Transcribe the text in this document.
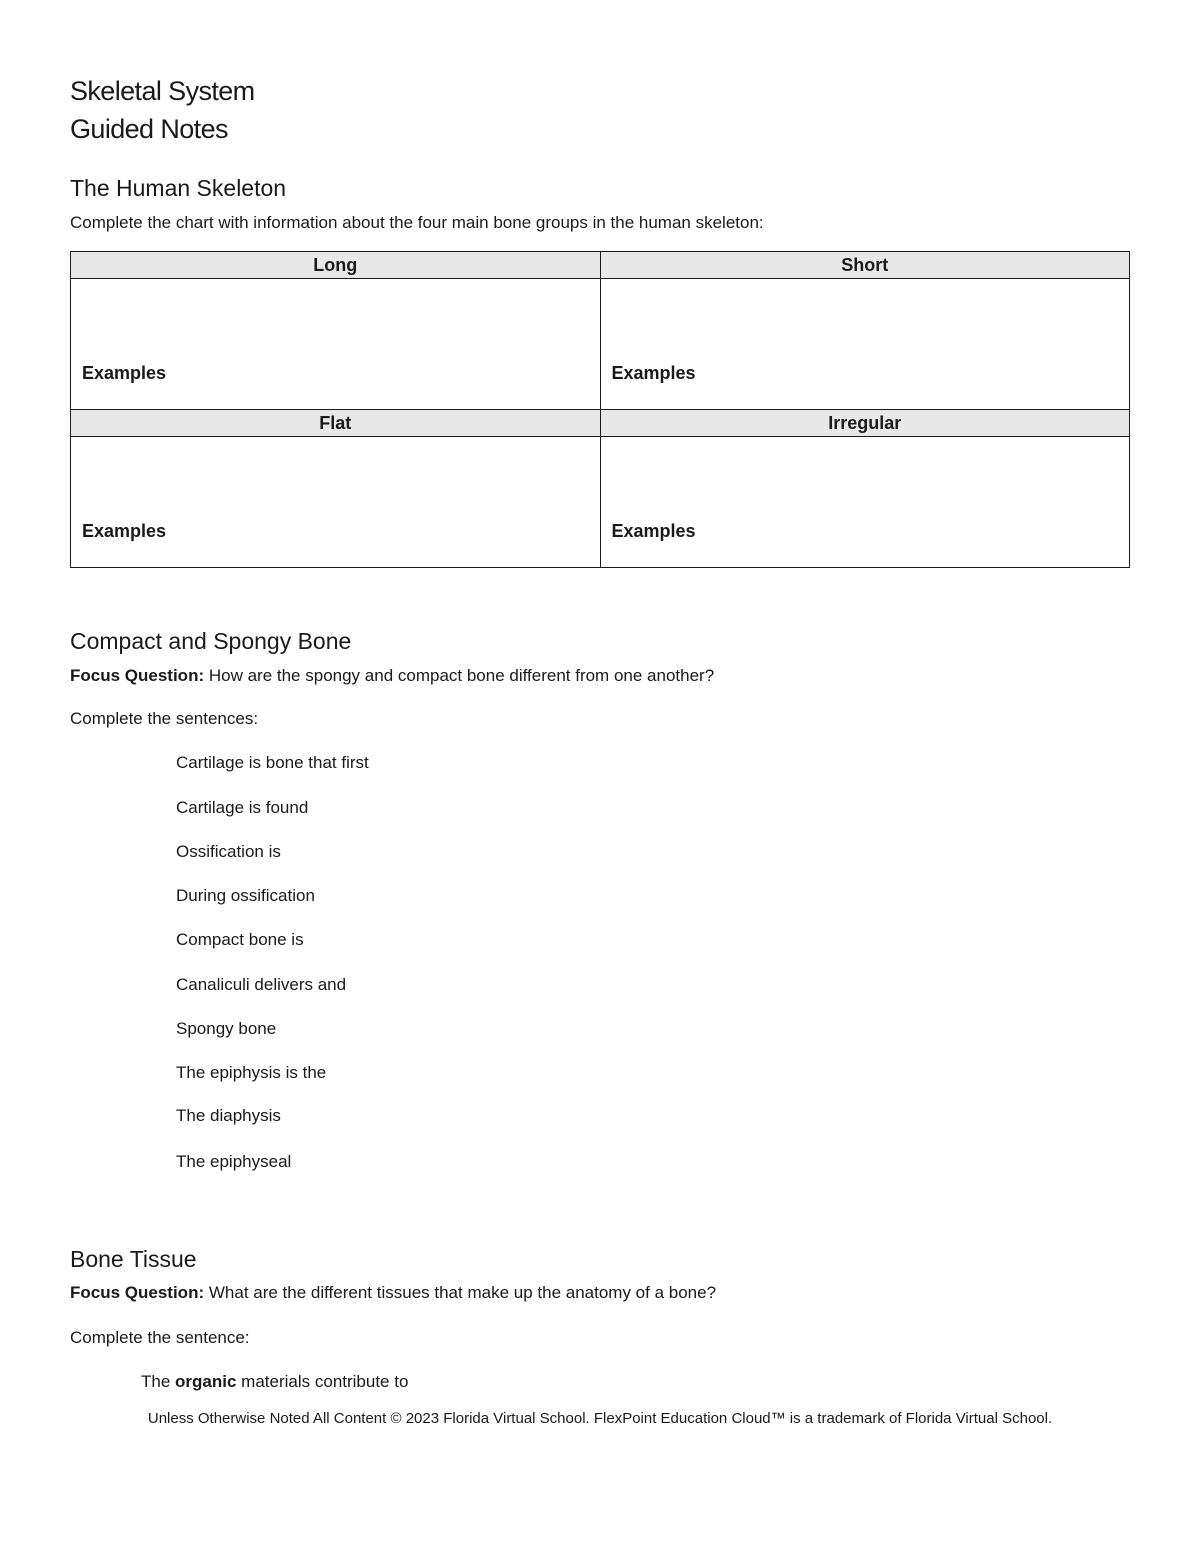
Skeletal System
Guided Notes
The Human Skeleton
Complete the chart with information about the four main bone groups in the human skeleton:
Long	Short

Examples	Examples

Flat	Irregular

Examples	Examples
Compact and Spongy Bone
Focus Question: How are the spongy and compact bone different from one another?
Complete the sentences:
Cartilage is bone that first
Cartilage is found
Ossification is
During ossification
Compact bone is
Canaliculi delivers and
Spongy bone
The epiphysis is the
The diaphysis
The epiphyseal
Bone Tissue
Focus Question: What are the different tissues that make up the anatomy of a bone?
Complete the sentence:
The organic materials contribute to
Unless Otherwise Noted All Content © 2023 Florida Virtual School. FlexPoint Education Cloud™ is a trademark of Florida Virtual School.
